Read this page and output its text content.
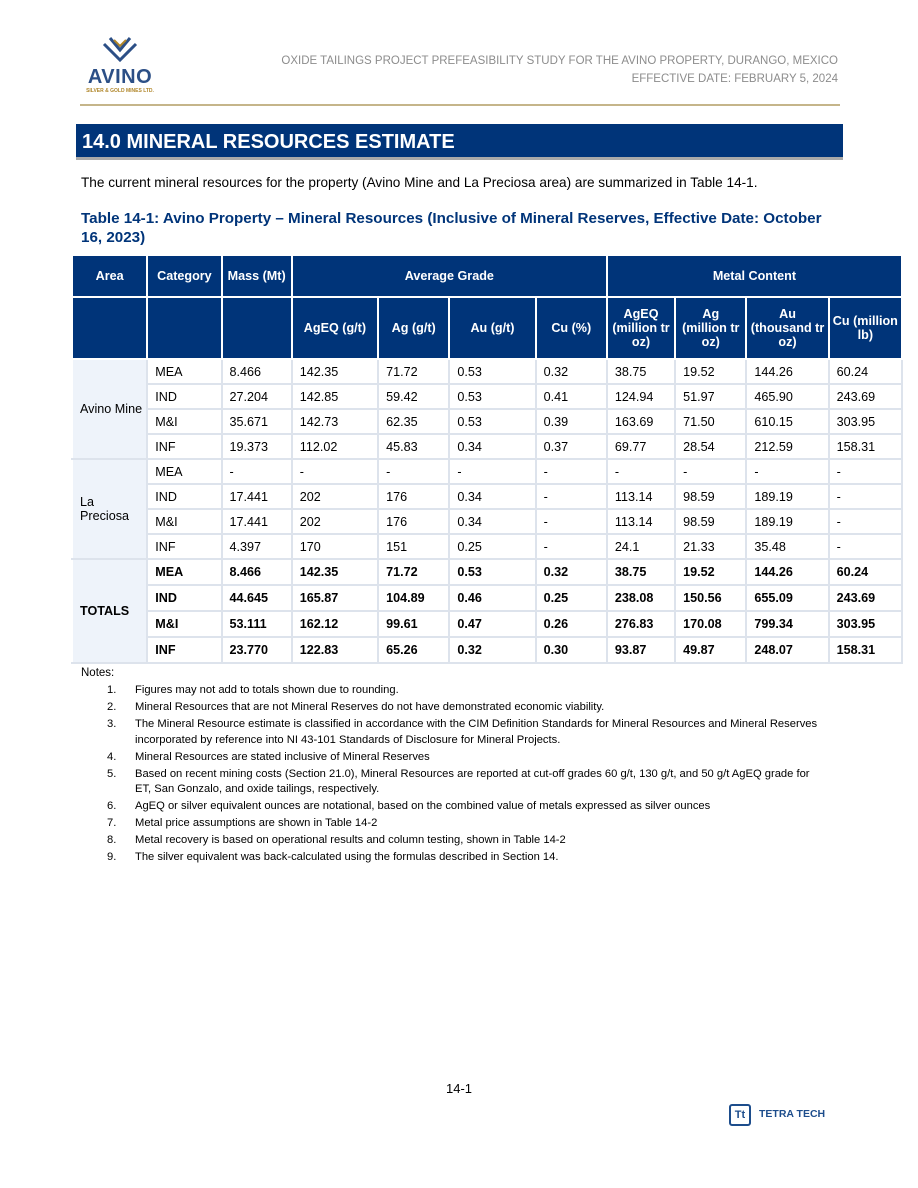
AVINO
SILVER & GOLD MINES LTD.
OXIDE TAILINGS PROJECT PREFEASIBILITY STUDY FOR THE AVINO PROPERTY, DURANGO, MEXICO
EFFECTIVE DATE: FEBRUARY 5, 2024
14.0 MINERAL RESOURCES ESTIMATE
The current mineral resources for the property (Avino Mine and La Preciosa area) are summarized in Table 14-1.
Table 14-1: Avino Property – Mineral Resources (Inclusive of Mineral Reserves, Effective Date: October 16, 2023)
Area	Category	Mass (Mt)	Average Grade				Metal Content			
			AgEQ (g/t)	Ag (g/t)	Au (g/t)	Cu (%)	AgEQ (million tr oz)	Ag (million tr oz)	Au (thousand tr oz)	Cu (million lb)
Avino Mine	MEA	8.466	142.35	71.72	0.53	0.32	38.75	19.52	144.26	60.24
	IND	27.204	142.85	59.42	0.53	0.41	124.94	51.97	465.90	243.69
	M&I	35.671	142.73	62.35	0.53	0.39	163.69	71.50	610.15	303.95
	INF	19.373	112.02	45.83	0.34	0.37	69.77	28.54	212.59	158.31
La Preciosa	MEA	-	-	-	-	-	-	-	-	-
	IND	17.441	202	176	0.34	-	113.14	98.59	189.19	-
	M&I	17.441	202	176	0.34	-	113.14	98.59	189.19	-
	INF	4.397	170	151	0.25	-	24.1	21.33	35.48	-
TOTALS	MEA	8.466	142.35	71.72	0.53	0.32	38.75	19.52	144.26	60.24
	IND	44.645	165.87	104.89	0.46	0.25	238.08	150.56	655.09	243.69
	M&I	53.111	162.12	99.61	0.47	0.26	276.83	170.08	799.34	303.95
	INF	23.770	122.83	65.26	0.32	0.30	93.87	49.87	248.07	158.31
Notes:
1. Figures may not add to totals shown due to rounding.
2. Mineral Resources that are not Mineral Reserves do not have demonstrated economic viability.
3. The Mineral Resource estimate is classified in accordance with the CIM Definition Standards for Mineral Resources and Mineral Reserves incorporated by reference into NI 43-101 Standards of Disclosure for Mineral Projects.
4. Mineral Resources are stated inclusive of Mineral Reserves
5. Based on recent mining costs (Section 21.0), Mineral Resources are reported at cut-off grades 60 g/t, 130 g/t, and 50 g/t AgEQ grade for ET, San Gonzalo, and oxide tailings, respectively.
6. AgEQ or silver equivalent ounces are notational, based on the combined value of metals expressed as silver ounces
7. Metal price assumptions are shown in Table 14-2
8. Metal recovery is based on operational results and column testing, shown in Table 14-2
9. The silver equivalent was back-calculated using the formulas described in Section 14.
14-1
Tt	TETRA TECH
